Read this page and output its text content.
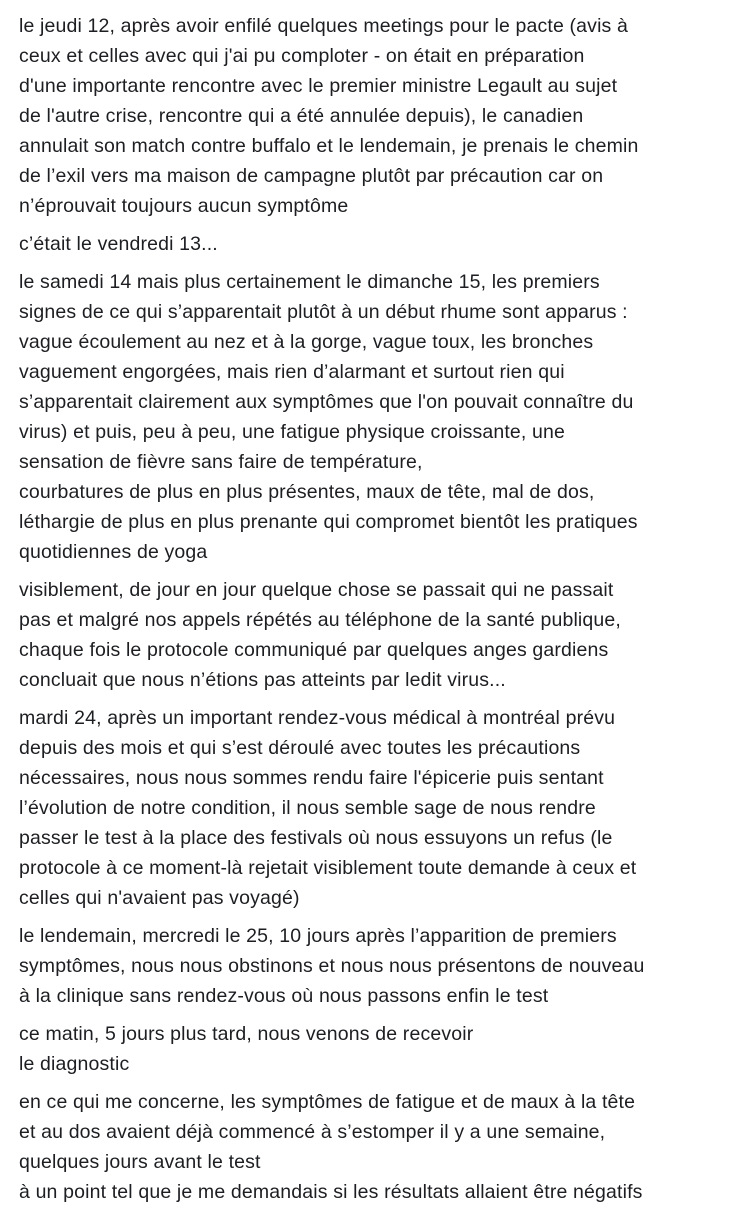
le jeudi 12, après avoir enfilé quelques meetings pour le pacte (avis à
ceux et celles avec qui j'ai pu comploter - on était en préparation
d'une importante rencontre avec le premier ministre Legault au sujet
de l'autre crise, rencontre qui a été annulée depuis), le canadien
annulait son match contre buffalo et le lendemain, je prenais le chemin
de l’exil vers ma maison de campagne plutôt par précaution car on
n’éprouvait toujours aucun symptôme

c’était le vendredi 13...

le samedi 14 mais plus certainement le dimanche 15, les premiers
signes de ce qui s’apparentait plutôt à un début rhume sont apparus :
vague écoulement au nez et à la gorge, vague toux, les bronches
vaguement engorgées, mais rien d’alarmant et surtout rien qui
s’apparentait clairement aux symptômes que l'on pouvait connaître du
virus) et puis, peu à peu, une fatigue physique croissante, une
sensation de fièvre sans faire de température,
courbatures de plus en plus présentes, maux de tête, mal de dos,
léthargie de plus en plus prenante qui compromet bientôt les pratiques
quotidiennes de yoga

visiblement, de jour en jour quelque chose se passait qui ne passait
pas et malgré nos appels répétés au téléphone de la santé publique,
chaque fois le protocole communiqué par quelques anges gardiens
concluait que nous n’étions pas atteints par ledit virus...

mardi 24, après un important rendez-vous médical à montréal prévu
depuis des mois et qui s’est déroulé avec toutes les précautions
nécessaires, nous nous sommes rendu faire l'épicerie puis sentant
l’évolution de notre condition, il nous semble sage de nous rendre
passer le test à la place des festivals où nous essuyons un refus (le
protocole à ce moment-là rejetait visiblement toute demande à ceux et
celles qui n'avaient pas voyagé)

le lendemain, mercredi le 25, 10 jours après l’apparition de premiers
symptômes, nous nous obstinons et nous nous présentons de nouveau
à la clinique sans rendez-vous où nous passons enfin le test

ce matin, 5 jours plus tard, nous venons de recevoir
le diagnostic

en ce qui me concerne, les symptômes de fatigue et de maux à la tête
et au dos avaient déjà commencé à s’estomper il y a une semaine,
quelques jours avant le test
à un point tel que je me demandais si les résultats allaient être négatifs
